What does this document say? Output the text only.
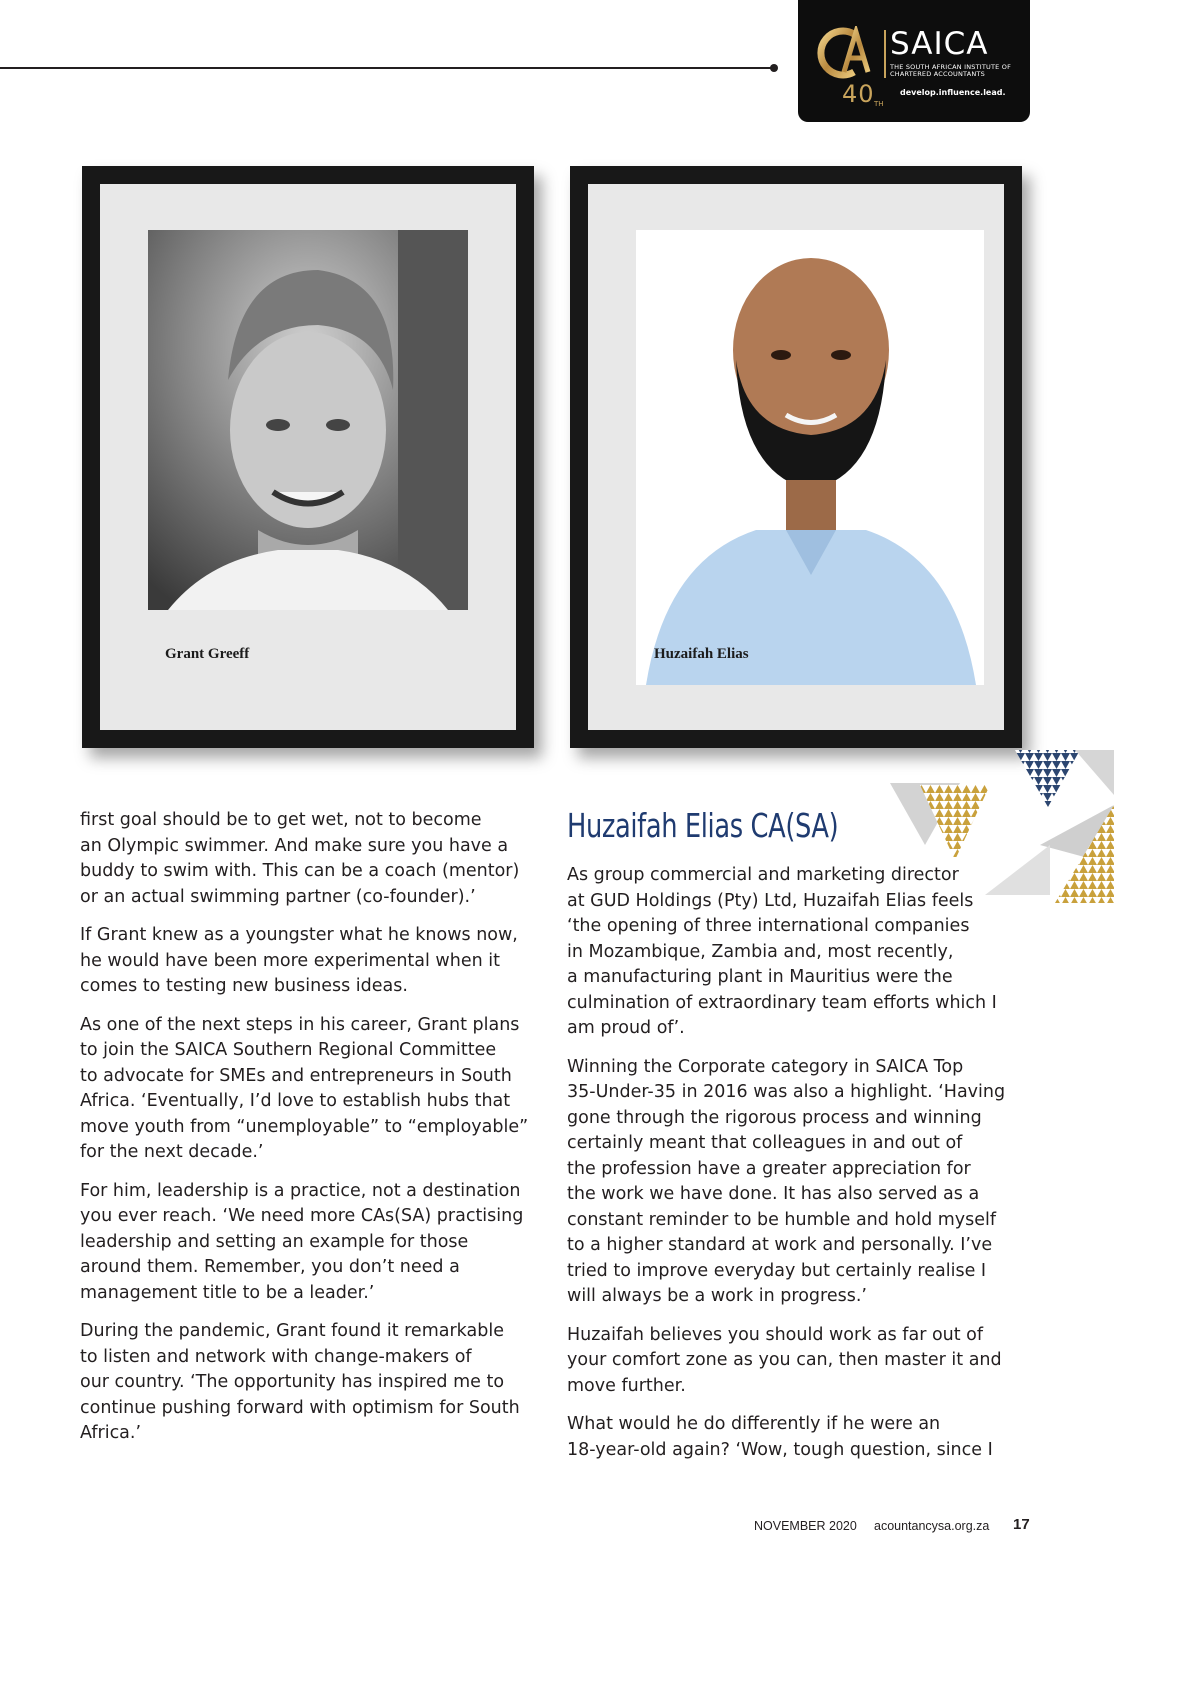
SAICA
THE SOUTH AFRICAN INSTITUTE OF CHARTERED ACCOUNTANTS
develop.influence.lead.
40 TH
Grant Greeff	Huzaifah Elias

first goal should be to get wet, not to become
an Olympic swimmer. And make sure you have a
buddy to swim with. This can be a coach (mentor)
or an actual swimming partner (co-founder).’

If Grant knew as a youngster what he knows now,
he would have been more experimental when it
comes to testing new business ideas.

As one of the next steps in his career, Grant plans
to join the SAICA Southern Regional Committee
to advocate for SMEs and entrepreneurs in South
Africa. ‘Eventually, I’d love to establish hubs that
move youth from “unemployable” to “employable”
for the next decade.’

For him, leadership is a practice, not a destination
you ever reach. ‘We need more CAs(SA) practising
leadership and setting an example for those
around them. Remember, you don’t need a
management title to be a leader.’

During the pandemic, Grant found it remarkable
to listen and network with change-makers of
our country. ‘The opportunity has inspired me to
continue pushing forward with optimism for South
Africa.’

Huzaifah Elias CA(SA)

As group commercial and marketing director
at GUD Holdings (Pty) Ltd, Huzaifah Elias feels
‘the opening of three international companies
in Mozambique, Zambia and, most recently,
a manufacturing plant in Mauritius were the
culmination of extraordinary team efforts which I
am proud of’.

Winning the Corporate category in SAICA Top
35-Under-35 in 2016 was also a highlight. ‘Having
gone through the rigorous process and winning
certainly meant that colleagues in and out of
the profession have a greater appreciation for
the work we have done. It has also served as a
constant reminder to be humble and hold myself
to a higher standard at work and personally. I’ve
tried to improve everyday but certainly realise I
will always be a work in progress.’

Huzaifah believes you should work as far out of
your comfort zone as you can, then master it and
move further.

What would he do differently if he were an
18-year-old again? ‘Wow, tough question, since I

NOVEMBER 2020 acountancysa.org.za 17
